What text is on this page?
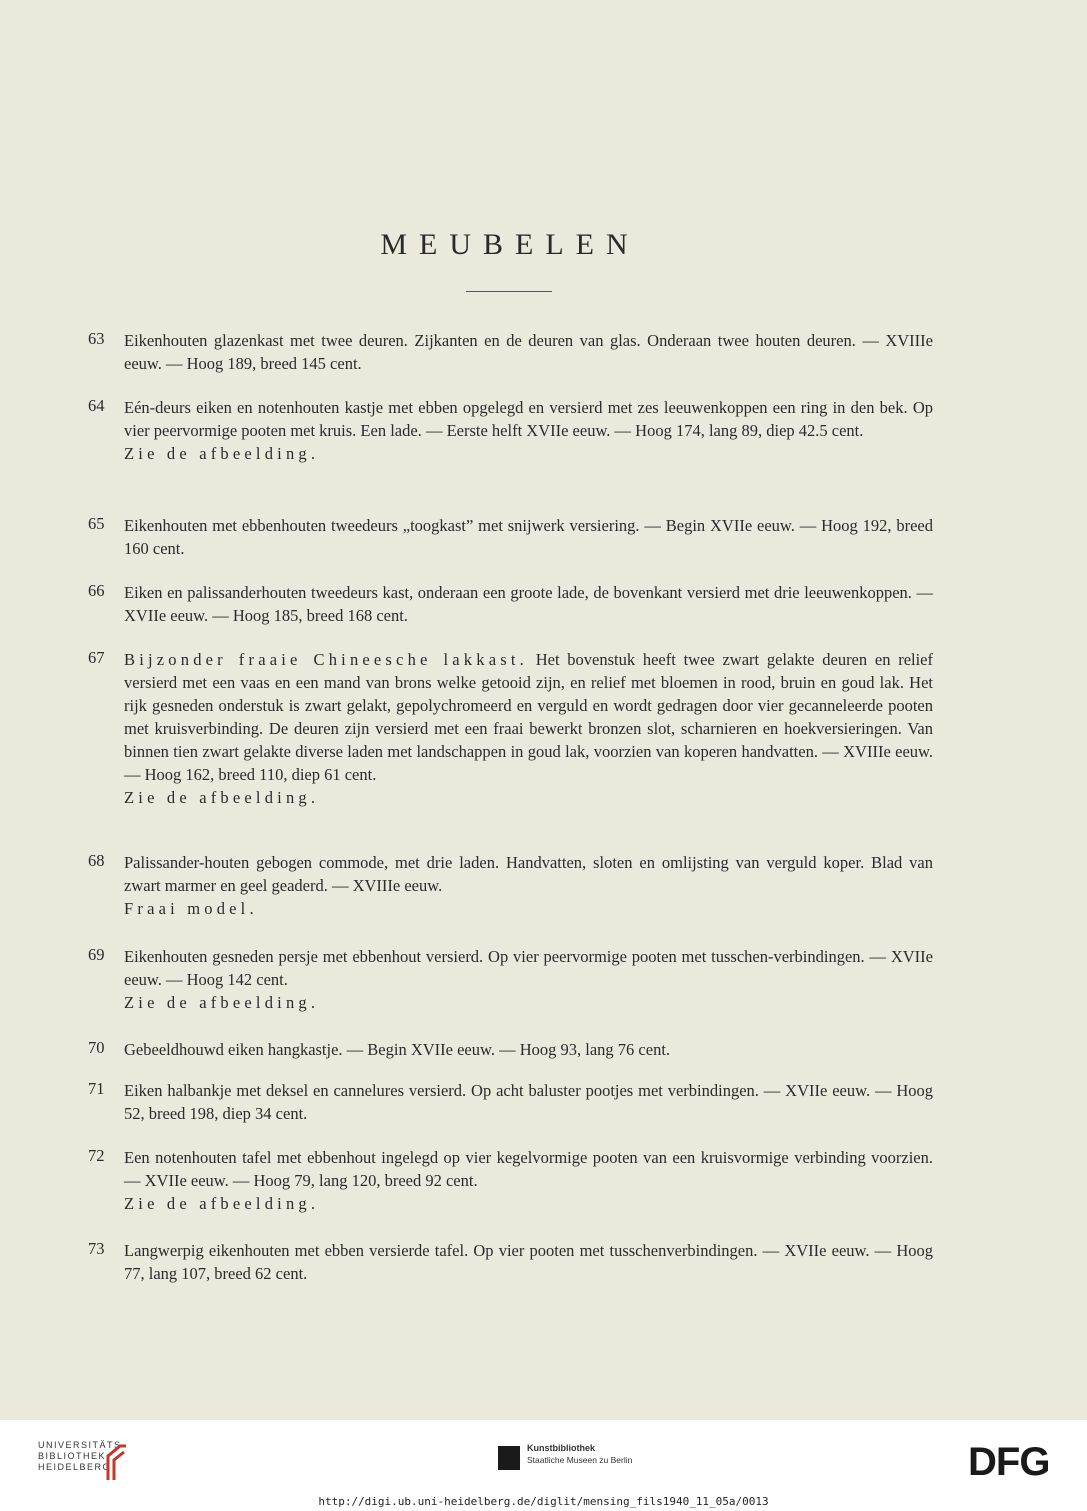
MEUBELEN
63 Eikenhouten glazenkast met twee deuren. Zijkanten en de deuren van glas. Onderaan twee houten deuren. — XVIIIe eeuw. — Hoog 189, breed 145 cent.

64 Eén-deurs eiken en notenhouten kastje met ebben opgelegd en versierd met zes leeuwenkoppen een ring in den bek. Op vier peervormige pooten met kruis. Een lade. — Eerste helft XVIIe eeuw. — Hoog 174, lang 89, diep 42.5 cent.

Zie de afbeelding.

65 Eikenhouten met ebbenhouten tweedeurs „toogkast” met snijwerk versiering. — Begin XVIIe eeuw. — Hoog 192, breed 160 cent.

66 Eiken en palissanderhouten tweedeurs kast, onderaan een groote lade, de bovenkant versierd met drie leeuwenkoppen. — XVIIe eeuw. — Hoog 185, breed 168 cent.

67 Bijzonder fraaie Chineesche lakkast. Het bovenstuk heeft twee zwart gelakte deuren en relief versierd met een vaas en een mand van brons welke getooid zijn, en relief met bloemen in rood, bruin en goud lak. Het rijk gesneden onderstuk is zwart gelakt, gepolychromeerd en verguld en wordt gedragen door vier gecanneleerde pooten met kruisverbinding. De deuren zijn versierd met een fraai bewerkt bronzen slot, scharnieren en hoekversieringen. Van binnen tien zwart gelakte diverse laden met landschappen in goud lak, voorzien van koperen handvatten. — XVIIIe eeuw. — Hoog 162, breed 110, diep 61 cent.

Zie de afbeelding.

68 Palissander-houten gebogen commode, met drie laden. Handvatten, sloten en omlijsting van verguld koper. Blad van zwart marmer en geel geaderd. — XVIIIe eeuw.

Fraai model.

69 Eikenhouten gesneden persje met ebbenhout versierd. Op vier peervormige pooten met tusschen-verbindingen. — XVIIe eeuw. — Hoog 142 cent.

Zie de afbeelding.

70 Gebeeldhouwd eiken hangkastje. — Begin XVIIe eeuw. — Hoog 93, lang 76 cent.

71 Eiken halbankje met deksel en cannelures versierd. Op acht baluster pootjes met verbindingen. — XVIIe eeuw. — Hoog 52, breed 198, diep 34 cent.

72 Een notenhouten tafel met ebbenhout ingelegd op vier kegelvormige pooten van een kruisvormige verbinding voorzien. — XVIIe eeuw. — Hoog 79, lang 120, breed 92 cent.

Zie de afbeelding.

73 Langwerpig eikenhouten met ebben versierde tafel. Op vier pooten met tusschenverbindingen. — XVIIe eeuw. — Hoog 77, lang 107, breed 62 cent.

UNIVERSITÄTS-
BIBLIOTHEK
HEIDELBERG
Kunstbibliothek
Staatliche Museen zu Berlin	DFG
http://digi.ub.uni-heidelberg.de/diglit/mensing_fils1940_11_05a/0013
